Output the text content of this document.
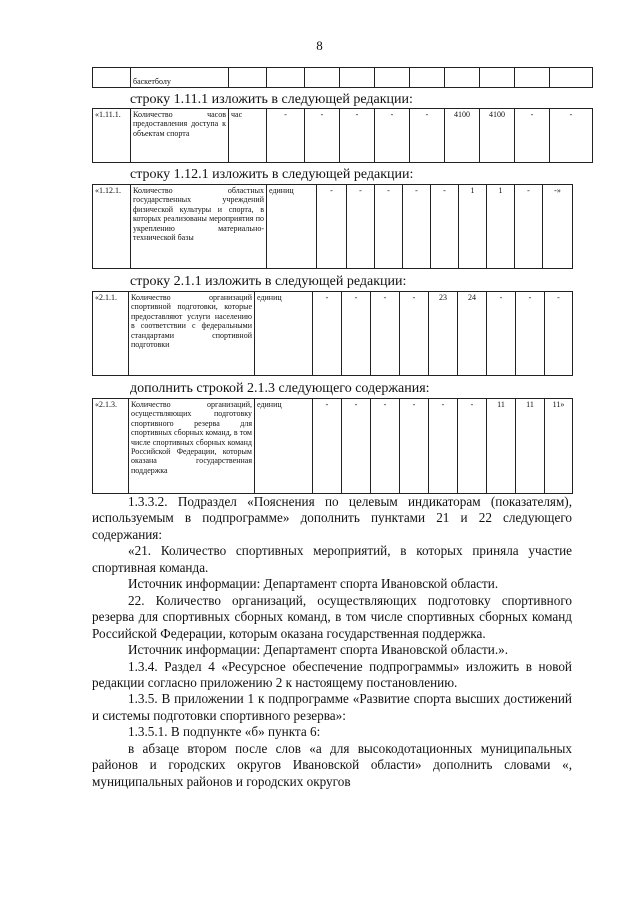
8
	баскетболу										
строку 1.11.1 изложить в следующей редакции:
«1.11.1.	Количество часов предоставления доступа к объектам спорта	час	-	-	-	-	-	4100	4100	-	-
строку 1.12.1 изложить в следующей редакции:
«1.12.1.	Количество областных государственных учреждений физической культуры и спорта, в которых реализованы мероприятия по укреплению материально-технической базы	единиц	-	-	-	-	-	1	1	-	-»
строку 2.1.1 изложить в следующей редакции:
«2.1.1.	Количество организаций спортивной подготовки, которые предоставляют услуги населению в соответствии с федеральными стандартами спортивной подготовки	единиц	-	-	-	-	23	24	-	-	-
дополнить строкой 2.1.3 следующего содержания:
«2.1.3.	Количество организаций, осуществляющих подготовку спортивного резерва для спортивных сборных команд, в том числе спортивных сборных команд Российской Федерации, которым оказана государственная поддержка	единиц	-	-	-	-	-	-	11	11	11»

1.3.3.2. Подраздел «Пояснения по целевым индикаторам (показателям), используемым в подпрограмме» дополнить пунктами 21 и 22 следующего содержания:

«21. Количество спортивных мероприятий, в которых приняла участие спортивная команда.

Источник информации: Департамент спорта Ивановской области.

22. Количество организаций, осуществляющих подготовку спортивного резерва для спортивных сборных команд, в том числе спортивных сборных команд Российской Федерации, которым оказана государственная поддержка.

Источник информации: Департамент спорта Ивановской области.».

1.3.4. Раздел 4 «Ресурсное обеспечение подпрограммы» изложить в новой редакции согласно приложению 2 к настоящему постановлению.

1.3.5. В приложении 1 к подпрограмме «Развитие спорта высших достижений и системы подготовки спортивного резерва»:

1.3.5.1. В подпункте «б» пункта 6:

в абзаце втором после слов «а для высокодотационных муниципальных районов и городских округов Ивановской области» дополнить словами «, муниципальных районов и городских округов
